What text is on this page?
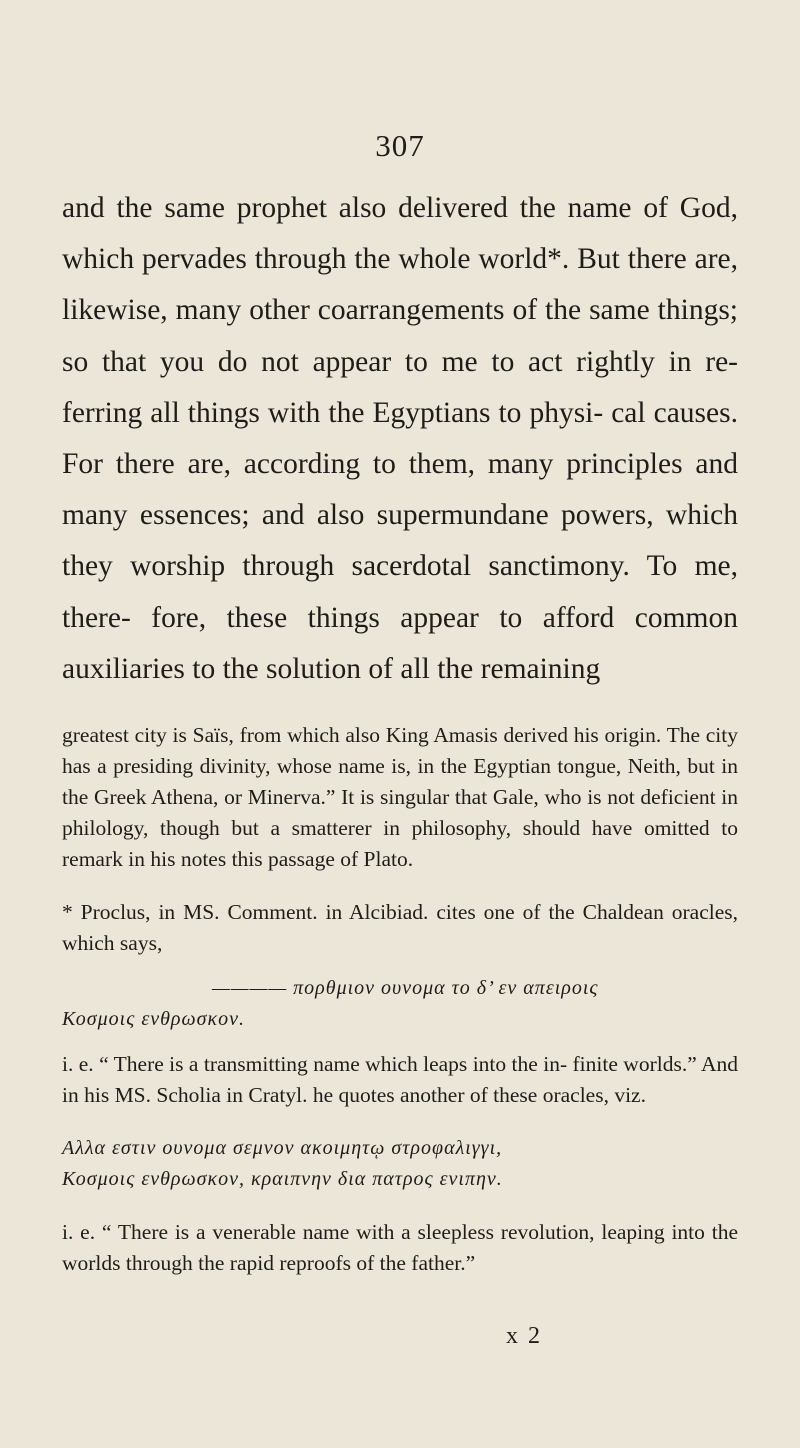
307

and the same prophet also delivered the name of God, which pervades through the whole world*. But there are, likewise, many other coarrangements of the same things; so that you do not appear to me to act rightly in re- ferring all things with the Egyptians to physi- cal causes. For there are, according to them, many principles and many essences; and also supermundane powers, which they worship through sacerdotal sanctimony. To me, there- fore, these things appear to afford common auxiliaries to the solution of all the remaining

greatest city is Saïs, from which also King Amasis derived his origin. The city has a presiding divinity, whose name is, in the Egyptian tongue, Neith, but in the Greek Athena, or Minerva.” It is singular that Gale, who is not deficient in philology, though but a smatterer in philosophy, should have omitted to remark in his notes this passage of Plato.

* Proclus, in MS. Comment. in Alcibiad. cites one of the Chaldean oracles, which says,

———— πορθμιον ουνομα το δ’ εν απειροις

Κοσμοις ενθρωσκον.

i. e. “ There is a transmitting name which leaps into the in- finite worlds.” And in his MS. Scholia in Cratyl. he quotes another of these oracles, viz.

Αλλα εστιν ουνομα σεμνον ακοιμητῳ στροφαλιγγι,

Κοσμοις ενθρωσκον, κραιπνην δια πατρος ενιπην.

i. e. “ There is a venerable name with a sleepless revolution, leaping into the worlds through the rapid reproofs of the father.”

x 2
